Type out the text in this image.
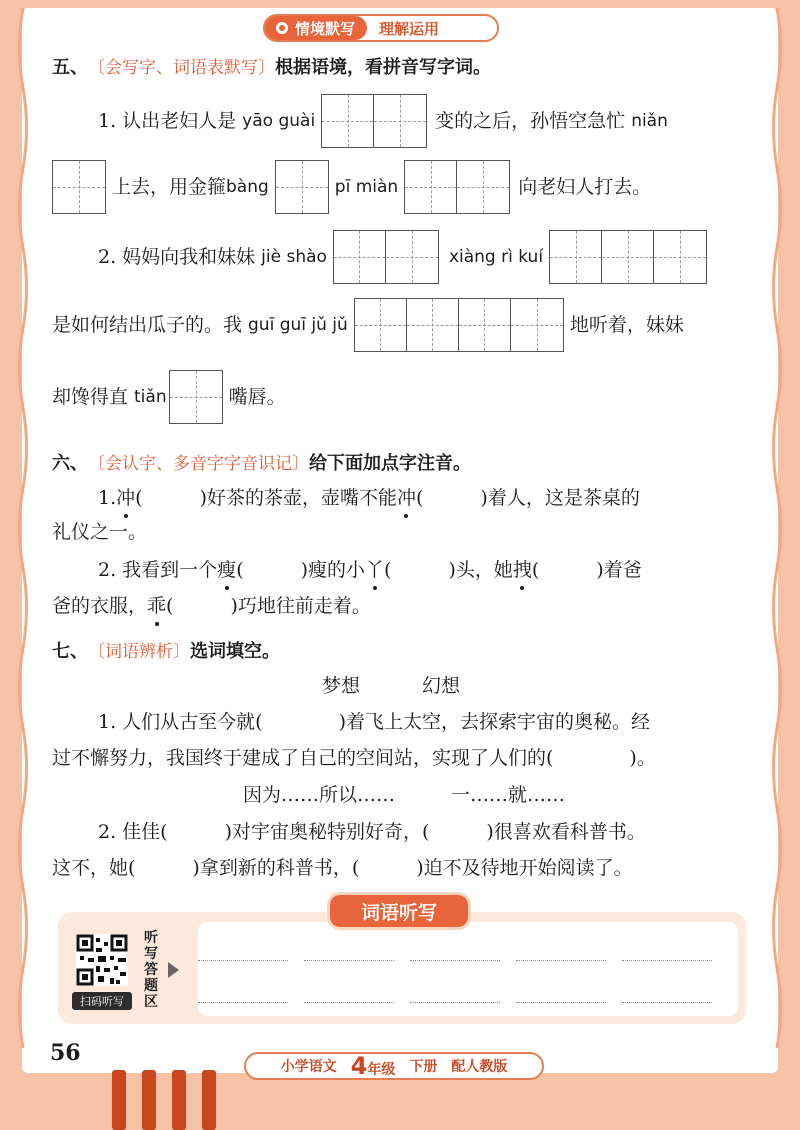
情境默写	理解运用
五、 〔会写字、词语表默写〕 根据语境，看拼音写字词。
1. 认出老妇人是 yāo guài	变的之后，孙悟空急忙 niǎn
上去，用金箍 bàng	pī miàn	向老妇人打去。
2. 妈妈向我和妹妹 jiè shào	xiàng rì kuí
是如何结出瓜子的。我 guī guī jǔ jǔ	地听着，妹妹
却馋得直 tiǎn	嘴唇。
六、 〔会认字、多音字字音识记〕 给下面加点字注音。
1. 冲 (　　　)好茶的茶壶，壶嘴不能 冲 (　　　)着人，这是茶桌的
礼仪之一。
2. 我看到一个 瘦 (　　　)瘦的小 丫 (　　　)头，她 拽 (　　　)着爸
爸的衣服， 乖 (　　　)巧地往前走着。
七、 〔词语辨析〕 选词填空。
梦想	幻想
1. 人们从古至今就(　　　　)着飞上太空，去探索宇宙的奥秘。经
过不懈努力，我国终于建成了自己的空间站，实现了人们的(　　　　)。
因为……所以……	一……就……
2. 佳佳(　　　)对宇宙奥秘特别好奇，(　　　)很喜欢看科普书。
这不，她(　　　)拿到新的科普书，(　　　)迫不及待地开始阅读了。
扫码听写
听写答题区
词语听写
56
小学语文 4年级 下册 配人教版
